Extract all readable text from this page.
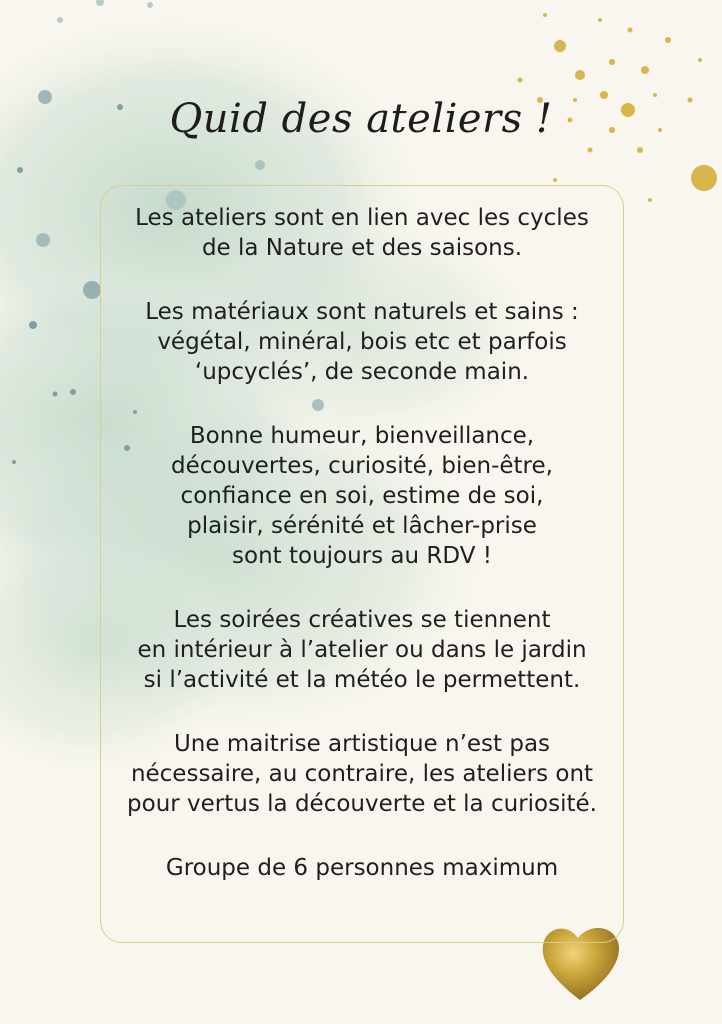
Quid des ateliers !

Les ateliers sont en lien avec les cycles
de la Nature et des saisons.

Les matériaux sont naturels et sains :
végétal, minéral, bois etc et parfois
‘upcyclés’, de seconde main.

Bonne humeur, bienveillance,
découvertes, curiosité, bien-être,
confiance en soi, estime de soi,
plaisir, sérénité et lâcher-prise
sont toujours au RDV !

Les soirées créatives se tiennent
en intérieur à l’atelier ou dans le jardin
si l’activité et la météo le permettent.

Une maitrise artistique n’est pas
nécessaire, au contraire, les ateliers ont
pour vertus la découverte et la curiosité.

Groupe de 6 personnes maximum
